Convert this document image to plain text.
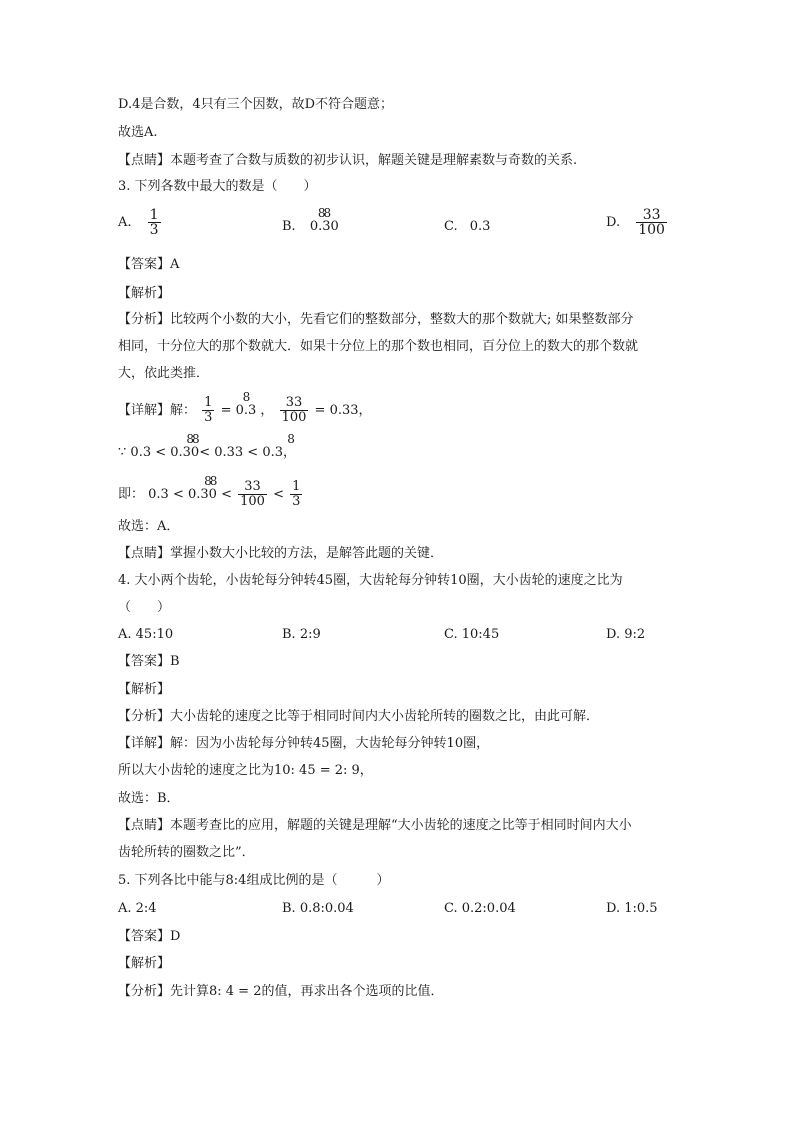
D.4是合数，4只有三个因数，故D不符合题意；
故选A.
【点睛】本题考查了合数与质数的初步认识，解题关键是理解素数与奇数的关系.
3. 下列各数中最大的数是（　　）
A. $\frac{1}{3}$	B. 0.30
88
C. 0.3	D. $\frac{33}{100}$
【答案】A
【解析】
【分析】比较两个小数的大小，先看它们的整数部分，整数大的那个数就大; 如果整数部分
相同，十分位大的那个数就大．如果十分位上的那个数也相同，百分位上的数大的那个数就
大，依此类推．
【详解】解： $\frac{1}{3} = 0.3$
8
， $\frac{33}{100} = 0.33$，
∵ 0.3 < 0.30
88
< 0.33 < 0.3
8
，
即： 0.3 < 0.30
88
< $\frac{33}{100} < \frac{1}{3}$
故选：A．
【点睛】掌握小数大小比较的方法，是解答此题的关键．
4. 大小两个齿轮，小齿轮每分钟转45圈，大齿轮每分钟转10圈，大小齿轮的速度之比为
（　　）
A. 45:10	B. 2:9	C. 10:45	D. 9:2
【答案】B
【解析】
【分析】大小齿轮的速度之比等于相同时间内大小齿轮所转的圈数之比，由此可解．
【详解】解：因为小齿轮每分钟转45圈，大齿轮每分钟转10圈，
所以大小齿轮的速度之比为10: 45 = 2: 9，
故选：B．
【点睛】本题考查比的应用，解题的关键是理解“大小齿轮的速度之比等于相同时间内大小
齿轮所转的圈数之比”．
5. 下列各比中能与8:4组成比例的是（　　　）
A. 2:4	B. 0.8:0.04	C. 0.2:0.04	D. 1:0.5
【答案】D
【解析】
【分析】先计算8: 4 = 2的值，再求出各个选项的比值．
